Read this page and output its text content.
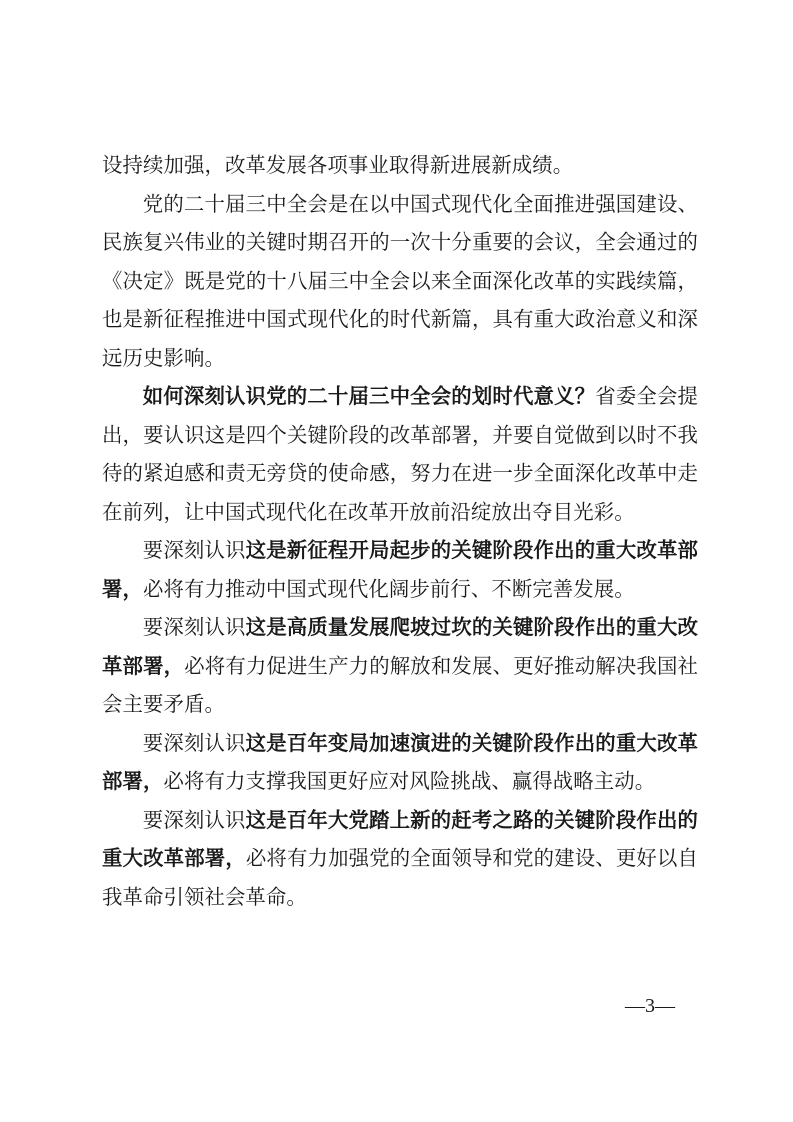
设持续加强，改革发展各项事业取得新进展新成绩。

党的二十届三中全会是在以中国式现代化全面推进强国建设、民族复兴伟业的关键时期召开的一次十分重要的会议，全会通过的《决定》既是党的十八届三中全会以来全面深化改革的实践续篇，也是新征程推进中国式现代化的时代新篇，具有重大政治意义和深远历史影响。

如何深刻认识党的二十届三中全会的划时代意义？省委全会提出，要认识这是四个关键阶段的改革部署，并要自觉做到以时不我待的紧迫感和责无旁贷的使命感，努力在进一步全面深化改革中走在前列，让中国式现代化在改革开放前沿绽放出夺目光彩。

要深刻认识这是新征程开局起步的关键阶段作出的重大改革部署，必将有力推动中国式现代化阔步前行、不断完善发展。

要深刻认识这是高质量发展爬坡过坎的关键阶段作出的重大改革部署，必将有力促进生产力的解放和发展、更好推动解决我国社会主要矛盾。

要深刻认识这是百年变局加速演进的关键阶段作出的重大改革部署，必将有力支撑我国更好应对风险挑战、赢得战略主动。

要深刻认识这是百年大党踏上新的赶考之路的关键阶段作出的重大改革部署，必将有力加强党的全面领导和党的建设、更好以自我革命引领社会革命。

—3—
